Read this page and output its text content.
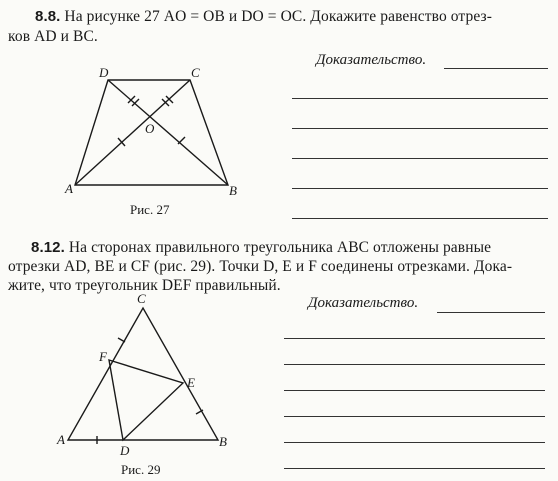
8.8. На рисунке 27 AO = OB и DO = OC. Докажите равенство отрез-
ков AD и BC.
Доказательство.
D	C
O
A	B
Рис. 27
8.12. На сторонах правильного треугольника ABC отложены равные
отрезки AD, BE и CF (рис. 29). Точки D, E и F соединены отрезками. Дока-
жите, что треугольник DEF правильный.
Доказательство.
C
F
E
A
D
B
Рис. 29
